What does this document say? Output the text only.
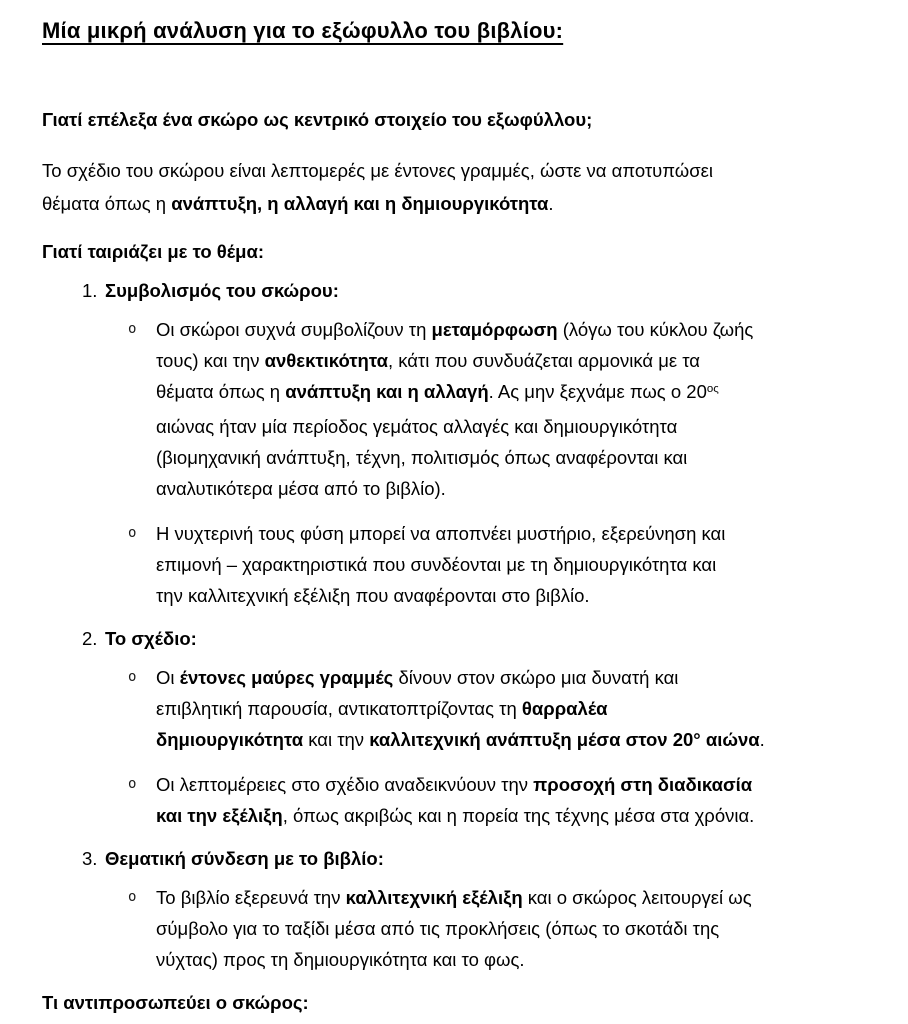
Μία μικρή ανάλυση για το εξώφυλλο του βιβλίου:
Γιατί επέλεξα ένα σκώρο ως κεντρικό στοιχείο του εξωφύλλου;
Το σχέδιο του σκώρου είναι λεπτομερές με έντονες γραμμές, ώστε να αποτυπώσει
θέματα όπως η ανάπτυξη, η αλλαγή και η δημιουργικότητα.
Γιατί ταιριάζει με το θέμα:
1. Συμβολισμός του σκώρου:
o	Οι σκώροι συχνά συμβολίζουν τη μεταμόρφωση (λόγω του κύκλου ζωής
τους) και την ανθεκτικότητα, κάτι που συνδυάζεται αρμονικά με τα
θέματα όπως η ανάπτυξη και η αλλαγή. Ας μην ξεχνάμε πως ο $20^{o\varsigma}$
αιώνας ήταν μία περίοδος γεμάτος αλλαγές και δημιουργικότητα
(βιομηχανική ανάπτυξη, τέχνη, πολιτισμός όπως αναφέρονται και
αναλυτικότερα μέσα από το βιβλίο).
o	Η νυχτερινή τους φύση μπορεί να αποπνέει μυστήριο, εξερεύνηση και
επιμονή – χαρακτηριστικά που συνδέονται με τη δημιουργικότητα και
την καλλιτεχνική εξέλιξη που αναφέρονται στο βιβλίο.
2. Το σχέδιο:
o	Οι έντονες μαύρες γραμμές δίνουν στον σκώρο μια δυνατή και
επιβλητική παρουσία, αντικατοπτρίζοντας τη θαρραλέα
δημιουργικότητα και την καλλιτεχνική ανάπτυξη μέσα στον 20° αιώνα.
o	Οι λεπτομέρειες στο σχέδιο αναδεικνύουν την προσοχή στη διαδικασία
και την εξέλιξη, όπως ακριβώς και η πορεία της τέχνης μέσα στα χρόνια.
3. Θεματική σύνδεση με το βιβλίο:
o	Το βιβλίο εξερευνά την καλλιτεχνική εξέλιξη και ο σκώρος λειτουργεί ως
σύμβολο για το ταξίδι μέσα από τις προκλήσεις (όπως το σκοτάδι της
νύχτας) προς τη δημιουργικότητα και το φως.
Τι αντιπροσωπεύει ο σκώρος:
